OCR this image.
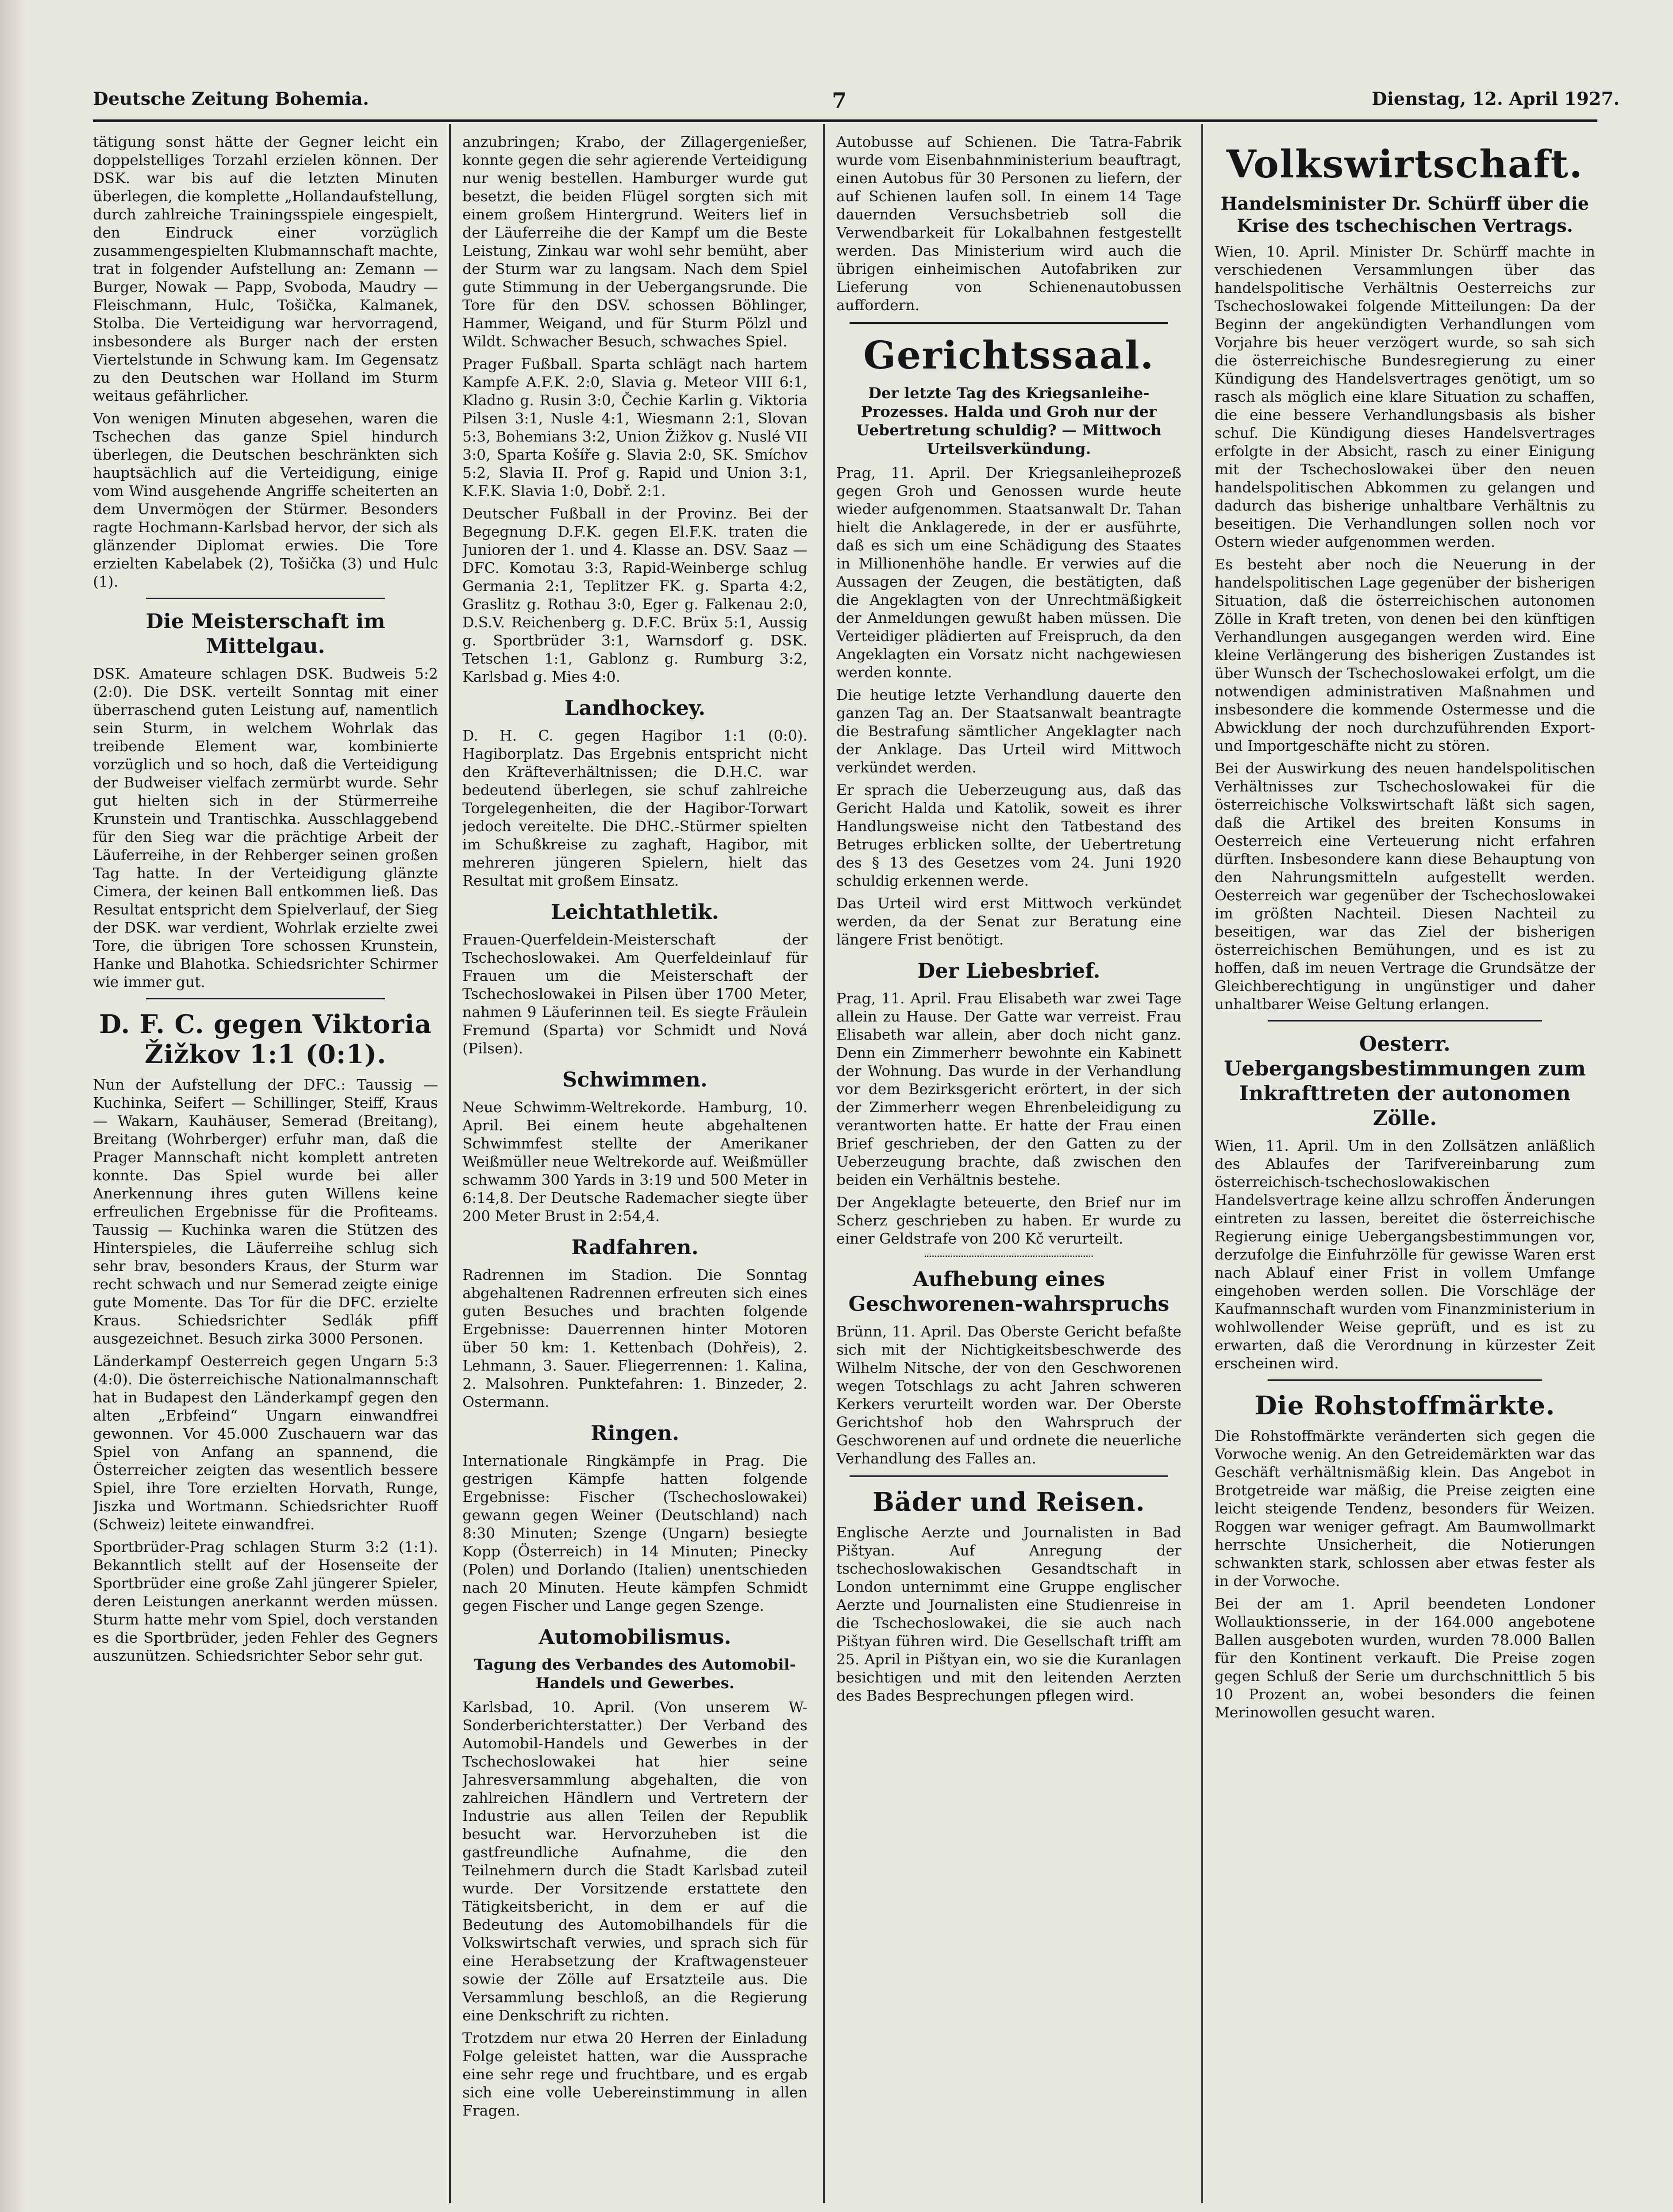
Deutsche Zeitung Bohemia.	7	Dienstag, 12. April 1927.

tätigung sonst hätte der Gegner leicht ein doppelstelliges Torzahl erzielen können. Der DSK. war bis auf die letzten Minuten überlegen, die komplette „Hollandaufstellung, durch zahlreiche Trainingsspiele eingespielt, den Eindruck einer vorzüglich zusammengespielten Klubmannschaft machte, trat in folgender Aufstellung an: Zemann — Burger, Nowak — Papp, Svoboda, Maudry — Fleischmann, Hulc, Tošička, Kalmanek, Stolba. Die Verteidigung war hervorragend, insbesondere als Burger nach der ersten Viertelstunde in Schwung kam. Im Gegensatz zu den Deutschen war Holland im Sturm weitaus gefährlicher.

Von wenigen Minuten abgesehen, waren die Tschechen das ganze Spiel hindurch überlegen, die Deutschen beschränkten sich hauptsächlich auf die Verteidigung, einige vom Wind ausgehende Angriffe scheiterten an dem Unvermögen der Stürmer. Besonders ragte Hochmann-Karlsbad hervor, der sich als glänzender Diplomat erwies. Die Tore erzielten Kabelabek (2), Tošička (3) und Hulc (1).

Die Meisterschaft im Mittelgau.

DSK. Amateure schlagen DSK. Budweis 5:2 (2:0). Die DSK. verteilt Sonntag mit einer überraschend guten Leistung auf, namentlich sein Sturm, in welchem Wohrlak das treibende Element war, kombinierte vorzüglich und so hoch, daß die Verteidigung der Budweiser vielfach zermürbt wurde. Sehr gut hielten sich in der Stürmerreihe Krunstein und Trantischka. Ausschlaggebend für den Sieg war die prächtige Arbeit der Läuferreihe, in der Rehberger seinen großen Tag hatte. In der Verteidigung glänzte Cimera, der keinen Ball entkommen ließ. Das Resultat entspricht dem Spielverlauf, der Sieg der DSK. war verdient, Wohrlak erzielte zwei Tore, die übrigen Tore schossen Krunstein, Hanke und Blahotka. Schiedsrichter Schirmer wie immer gut.

D. F. C. gegen Viktoria Žižkov 1:1 (0:1).

Nun der Aufstellung der DFC.: Taussig — Kuchinka, Seifert — Schillinger, Steiff, Kraus — Wakarn, Kauhäuser, Semerad (Breitang), Breitang (Wohrberger) erfuhr man, daß die Prager Mannschaft nicht komplett antreten konnte. Das Spiel wurde bei aller Anerkennung ihres guten Willens keine erfreulichen Ergebnisse für die Profiteams. Taussig — Kuchinka waren die Stützen des Hinterspieles, die Läuferreihe schlug sich sehr brav, besonders Kraus, der Sturm war recht schwach und nur Semerad zeigte einige gute Momente. Das Tor für die DFC. erzielte Kraus. Schiedsrichter Sedlák pfiff ausgezeichnet. Besuch zirka 3000 Personen.

Länderkampf Oesterreich gegen Ungarn 5:3 (4:0). Die österreichische Nationalmannschaft hat in Budapest den Länderkampf gegen den alten „Erbfeind“ Ungarn einwandfrei gewonnen. Vor 45.000 Zuschauern war das Spiel von Anfang an spannend, die Österreicher zeigten das wesentlich bessere Spiel, ihre Tore erzielten Horvath, Runge, Jiszka und Wortmann. Schiedsrichter Ruoff (Schweiz) leitete einwandfrei.

Sportbrüder-Prag schlagen Sturm 3:2 (1:1). Bekanntlich stellt auf der Hosenseite der Sportbrüder eine große Zahl jüngerer Spieler, deren Leistungen anerkannt werden müssen. Sturm hatte mehr vom Spiel, doch verstanden es die Sportbrüder, jeden Fehler des Gegners auszunützen. Schiedsrichter Sebor sehr gut.

anzubringen; Krabo, der Zillagergenießer, konnte gegen die sehr agierende Verteidigung nur wenig bestellen. Hamburger wurde gut besetzt, die beiden Flügel sorgten sich mit einem großem Hintergrund. Weiters lief in der Läuferreihe die der Kampf um die Beste Leistung, Zinkau war wohl sehr bemüht, aber der Sturm war zu langsam. Nach dem Spiel gute Stimmung in der Uebergangsrunde. Die Tore für den DSV. schossen Böhlinger, Hammer, Weigand, und für Sturm Pölzl und Wildt. Schwacher Besuch, schwaches Spiel.

Prager Fußball. Sparta schlägt nach hartem Kampfe A.F.K. 2:0, Slavia g. Meteor VIII 6:1, Kladno g. Rusin 3:0, Čechie Karlin g. Viktoria Pilsen 3:1, Nusle 4:1, Wiesmann 2:1, Slovan 5:3, Bohemians 3:2, Union Žižkov g. Nuslé VII 3:0, Sparta Košíře g. Slavia 2:0, SK. Smíchov 5:2, Slavia II. Prof g. Rapid und Union 3:1, K.F.K. Slavia 1:0, Dobř. 2:1.

Deutscher Fußball in der Provinz. Bei der Begegnung D.F.K. gegen El.F.K. traten die Junioren der 1. und 4. Klasse an. DSV. Saaz — DFC. Komotau 3:3, Rapid-Weinberge schlug Germania 2:1, Teplitzer FK. g. Sparta 4:2, Graslitz g. Rothau 3:0, Eger g. Falkenau 2:0, D.S.V. Reichenberg g. D.F.C. Brüx 5:1, Aussig g. Sportbrüder 3:1, Warnsdorf g. DSK. Tetschen 1:1, Gablonz g. Rumburg 3:2, Karlsbad g. Mies 4:0.

Landhockey.

D. H. C. gegen Hagibor 1:1 (0:0). Hagiborplatz. Das Ergebnis entspricht nicht den Kräfteverhältnissen; die D.H.C. war bedeutend überlegen, sie schuf zahlreiche Torgelegenheiten, die der Hagibor-Torwart jedoch vereitelte. Die DHC.-Stürmer spielten im Schußkreise zu zaghaft, Hagibor, mit mehreren jüngeren Spielern, hielt das Resultat mit großem Einsatz.

Leichtathletik.

Frauen-Querfeldein-Meisterschaft der Tschechoslowakei. Am Querfeldeinlauf für Frauen um die Meisterschaft der Tschechoslowakei in Pilsen über 1700 Meter, nahmen 9 Läuferinnen teil. Es siegte Fräulein Fremund (Sparta) vor Schmidt und Nová (Pilsen).

Schwimmen.

Neue Schwimm-Weltrekorde. Hamburg, 10. April. Bei einem heute abgehaltenen Schwimmfest stellte der Amerikaner Weißmüller neue Weltrekorde auf. Weißmüller schwamm 300 Yards in 3:19 und 500 Meter in 6:14,8. Der Deutsche Rademacher siegte über 200 Meter Brust in 2:54,4.

Radfahren.

Radrennen im Stadion. Die Sonntag abgehaltenen Radrennen erfreuten sich eines guten Besuches und brachten folgende Ergebnisse: Dauerrennen hinter Motoren über 50 km: 1. Kettenbach (Dohřeis), 2. Lehmann, 3. Sauer. Fliegerrennen: 1. Kalina, 2. Malsohren. Punktefahren: 1. Binzeder, 2. Ostermann.

Ringen.

Internationale Ringkämpfe in Prag. Die gestrigen Kämpfe hatten folgende Ergebnisse: Fischer (Tschechoslowakei) gewann gegen Weiner (Deutschland) nach 8:30 Minuten; Szenge (Ungarn) besiegte Kopp (Österreich) in 14 Minuten; Pinecky (Polen) und Dorlando (Italien) unentschieden nach 20 Minuten. Heute kämpfen Schmidt gegen Fischer und Lange gegen Szenge.

Automobilismus.
Tagung des Verbandes des Automobil-Handels und Gewerbes.

Karlsbad, 10. April. (Von unserem W-Sonderberichterstatter.) Der Verband des Automobil-Handels und Gewerbes in der Tschechoslowakei hat hier seine Jahresversammlung abgehalten, die von zahlreichen Händlern und Vertretern der Industrie aus allen Teilen der Republik besucht war. Hervorzuheben ist die gastfreundliche Aufnahme, die den Teilnehmern durch die Stadt Karlsbad zuteil wurde. Der Vorsitzende erstattete den Tätigkeitsbericht, in dem er auf die Bedeutung des Automobilhandels für die Volkswirtschaft verwies, und sprach sich für eine Herabsetzung der Kraftwagensteuer sowie der Zölle auf Ersatzteile aus. Die Versammlung beschloß, an die Regierung eine Denkschrift zu richten.

Trotzdem nur etwa 20 Herren der Einladung Folge geleistet hatten, war die Aussprache eine sehr rege und fruchtbare, und es ergab sich eine volle Uebereinstimmung in allen Fragen.

Autobusse auf Schienen. Die Tatra-Fabrik wurde vom Eisenbahnministerium beauftragt, einen Autobus für 30 Personen zu liefern, der auf Schienen laufen soll. In einem 14 Tage dauernden Versuchsbetrieb soll die Verwendbarkeit für Lokalbahnen festgestellt werden. Das Ministerium wird auch die übrigen einheimischen Autofabriken zur Lieferung von Schienenautobussen auffordern.

Gerichtssaal.
Der letzte Tag des Kriegsanleihe-Prozesses. Halda und Groh nur der Uebertretung schuldig? — Mittwoch Urteilsverkündung.

Prag, 11. April. Der Kriegsanleiheprozeß gegen Groh und Genossen wurde heute wieder aufgenommen. Staatsanwalt Dr. Tahan hielt die Anklagerede, in der er ausführte, daß es sich um eine Schädigung des Staates in Millionenhöhe handle. Er verwies auf die Aussagen der Zeugen, die bestätigten, daß die Angeklagten von der Unrechtmäßigkeit der Anmeldungen gewußt haben müssen. Die Verteidiger plädierten auf Freispruch, da den Angeklagten ein Vorsatz nicht nachgewiesen werden konnte.

Die heutige letzte Verhandlung dauerte den ganzen Tag an. Der Staatsanwalt beantragte die Bestrafung sämtlicher Angeklagter nach der Anklage. Das Urteil wird Mittwoch verkündet werden.

Er sprach die Ueberzeugung aus, daß das Gericht Halda und Katolik, soweit es ihrer Handlungsweise nicht den Tatbestand des Betruges erblicken sollte, der Uebertretung des § 13 des Gesetzes vom 24. Juni 1920 schuldig erkennen werde.

Das Urteil wird erst Mittwoch verkündet werden, da der Senat zur Beratung eine längere Frist benötigt.

Der Liebesbrief.

Prag, 11. April. Frau Elisabeth war zwei Tage allein zu Hause. Der Gatte war verreist. Frau Elisabeth war allein, aber doch nicht ganz. Denn ein Zimmerherr bewohnte ein Kabinett der Wohnung. Das wurde in der Verhandlung vor dem Bezirksgericht erörtert, in der sich der Zimmerherr wegen Ehrenbeleidigung zu verantworten hatte. Er hatte der Frau einen Brief geschrieben, der den Gatten zu der Ueberzeugung brachte, daß zwischen den beiden ein Verhältnis bestehe.

Der Angeklagte beteuerte, den Brief nur im Scherz geschrieben zu haben. Er wurde zu einer Geldstrafe von 200 Kč verurteilt.

Aufhebung eines Geschworenen-wahrspruchs

Brünn, 11. April. Das Oberste Gericht befaßte sich mit der Nichtigkeitsbeschwerde des Wilhelm Nitsche, der von den Geschworenen wegen Totschlags zu acht Jahren schweren Kerkers verurteilt worden war. Der Oberste Gerichtshof hob den Wahrspruch der Geschworenen auf und ordnete die neuerliche Verhandlung des Falles an.

Bäder und Reisen.

Englische Aerzte und Journalisten in Bad Pištyan. Auf Anregung der tschechoslowakischen Gesandtschaft in London unternimmt eine Gruppe englischer Aerzte und Journalisten eine Studienreise in die Tschechoslowakei, die sie auch nach Pištyan führen wird. Die Gesellschaft trifft am 25. April in Pištyan ein, wo sie die Kuranlagen besichtigen und mit den leitenden Aerzten des Bades Besprechungen pflegen wird.

Volkswirtschaft.
Handelsminister Dr. Schürff über die Krise des tschechischen Vertrags.

Wien, 10. April. Minister Dr. Schürff machte in verschiedenen Versammlungen über das handelspolitische Verhältnis Oesterreichs zur Tschechoslowakei folgende Mitteilungen: Da der Beginn der angekündigten Verhandlungen vom Vorjahre bis heuer verzögert wurde, so sah sich die österreichische Bundesregierung zu einer Kündigung des Handelsvertrages genötigt, um so rasch als möglich eine klare Situation zu schaffen, die eine bessere Verhandlungsbasis als bisher schuf. Die Kündigung dieses Handelsvertrages erfolgte in der Absicht, rasch zu einer Einigung mit der Tschechoslowakei über den neuen handelspolitischen Abkommen zu gelangen und dadurch das bisherige unhaltbare Verhältnis zu beseitigen. Die Verhandlungen sollen noch vor Ostern wieder aufgenommen werden.

Es besteht aber noch die Neuerung in der handelspolitischen Lage gegenüber der bisherigen Situation, daß die österreichischen autonomen Zölle in Kraft treten, von denen bei den künftigen Verhandlungen ausgegangen werden wird. Eine kleine Verlängerung des bisherigen Zustandes ist über Wunsch der Tschechoslowakei erfolgt, um die notwendigen administrativen Maßnahmen und insbesondere die kommende Ostermesse und die Abwicklung der noch durchzuführenden Export- und Importgeschäfte nicht zu stören.

Bei der Auswirkung des neuen handelspolitischen Verhältnisses zur Tschechoslowakei für die österreichische Volkswirtschaft läßt sich sagen, daß die Artikel des breiten Konsums in Oesterreich eine Verteuerung nicht erfahren dürften. Insbesondere kann diese Behauptung von den Nahrungsmitteln aufgestellt werden. Oesterreich war gegenüber der Tschechoslowakei im größten Nachteil. Diesen Nachteil zu beseitigen, war das Ziel der bisherigen österreichischen Bemühungen, und es ist zu hoffen, daß im neuen Vertrage die Grundsätze der Gleichberechtigung in ungünstiger und daher unhaltbarer Weise Geltung erlangen.

Oesterr. Uebergangsbestimmungen zum Inkrafttreten der autonomen Zölle.

Wien, 11. April. Um in den Zollsätzen anläßlich des Ablaufes der Tarifvereinbarung zum österreichisch-tschechoslowakischen Handelsvertrage keine allzu schroffen Änderungen eintreten zu lassen, bereitet die österreichische Regierung einige Uebergangsbestimmungen vor, derzufolge die Einfuhrzölle für gewisse Waren erst nach Ablauf einer Frist in vollem Umfange eingehoben werden sollen. Die Vorschläge der Kaufmannschaft wurden vom Finanzministerium in wohlwollender Weise geprüft, und es ist zu erwarten, daß die Verordnung in kürzester Zeit erscheinen wird.

Die Rohstoffmärkte.

Die Rohstoffmärkte veränderten sich gegen die Vorwoche wenig. An den Getreidemärkten war das Geschäft verhältnismäßig klein. Das Angebot in Brotgetreide war mäßig, die Preise zeigten eine leicht steigende Tendenz, besonders für Weizen. Roggen war weniger gefragt. Am Baumwollmarkt herrschte Unsicherheit, die Notierungen schwankten stark, schlossen aber etwas fester als in der Vorwoche.

Bei der am 1. April beendeten Londoner Wollauktionsserie, in der 164.000 angebotene Ballen ausgeboten wurden, wurden 78.000 Ballen für den Kontinent verkauft. Die Preise zogen gegen Schluß der Serie um durchschnittlich 5 bis 10 Prozent an, wobei besonders die feinen Merinowollen gesucht waren.
